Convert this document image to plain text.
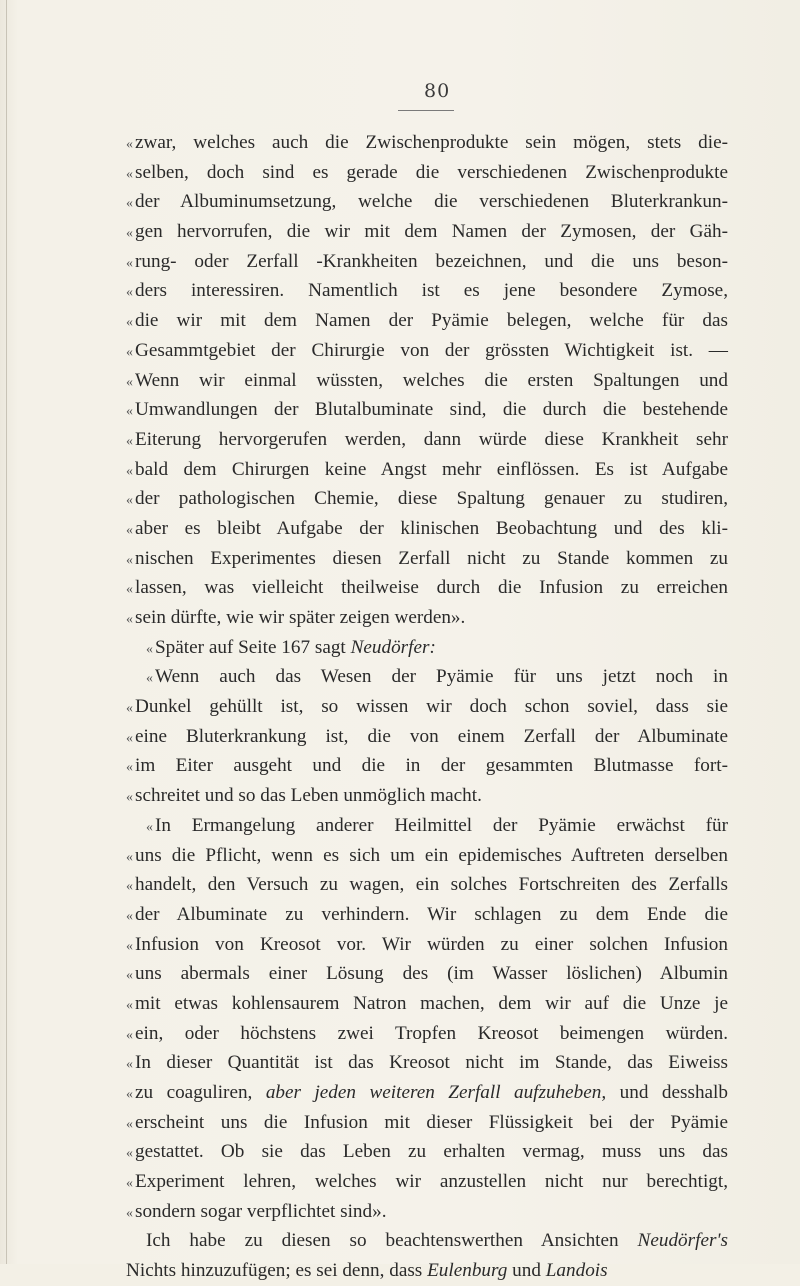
80
« zwar, welches auch die Zwischenprodukte sein mögen, stets die-
« selben, doch sind es gerade die verschiedenen Zwischenprodukte
« der Albuminumsetzung, welche die verschiedenen Bluterkrankun-
« gen hervorrufen, die wir mit dem Namen der Zymosen, der Gäh-
« rung- oder Zerfall -Krankheiten bezeichnen, und die uns beson-
« ders interessiren. Namentlich ist es jene besondere Zymose,
« die wir mit dem Namen der Pyämie belegen, welche für das
« Gesammtgebiet der Chirurgie von der grössten Wichtigkeit ist. —
« Wenn wir einmal wüssten, welches die ersten Spaltungen und
« Umwandlungen der Blutalbuminate sind, die durch die bestehende
« Eiterung hervorgerufen werden, dann würde diese Krankheit sehr
« bald dem Chirurgen keine Angst mehr einflössen. Es ist Aufgabe
« der pathologischen Chemie, diese Spaltung genauer zu studiren,
« aber es bleibt Aufgabe der klinischen Beobachtung und des kli-
« nischen Experimentes diesen Zerfall nicht zu Stande kommen zu
« lassen, was vielleicht theilweise durch die Infusion zu erreichen
« sein dürfte, wie wir später zeigen werden».
« Später auf Seite 167 sagt Neudörfer:
« Wenn auch das Wesen der Pyämie für uns jetzt noch in
« Dunkel gehüllt ist, so wissen wir doch schon soviel, dass sie
« eine Bluterkrankung ist, die von einem Zerfall der Albuminate
« im Eiter ausgeht und die in der gesammten Blutmasse fort-
« schreitet und so das Leben unmöglich macht.
« In Ermangelung anderer Heilmittel der Pyämie erwächst für
« uns die Pflicht, wenn es sich um ein epidemisches Auftreten derselben
« handelt, den Versuch zu wagen, ein solches Fortschreiten des Zerfalls
« der Albuminate zu verhindern. Wir schlagen zu dem Ende die
« Infusion von Kreosot vor. Wir würden zu einer solchen Infusion
« uns abermals einer Lösung des (im Wasser löslichen) Albumin
« mit etwas kohlensaurem Natron machen, dem wir auf die Unze je
« ein, oder höchstens zwei Tropfen Kreosot beimengen würden.
« In dieser Quantität ist das Kreosot nicht im Stande, das Eiweiss
« zu coaguliren, aber jeden weiteren Zerfall aufzuheben, und desshalb
« erscheint uns die Infusion mit dieser Flüssigkeit bei der Pyämie
« gestattet. Ob sie das Leben zu erhalten vermag, muss uns das
« Experiment lehren, welches wir anzustellen nicht nur berechtigt,
« sondern sogar verpflichtet sind».
Ich habe zu diesen so beachtenswerthen Ansichten Neudörfer's
Nichts hinzuzufügen; es sei denn, dass Eulenburg und Landois
